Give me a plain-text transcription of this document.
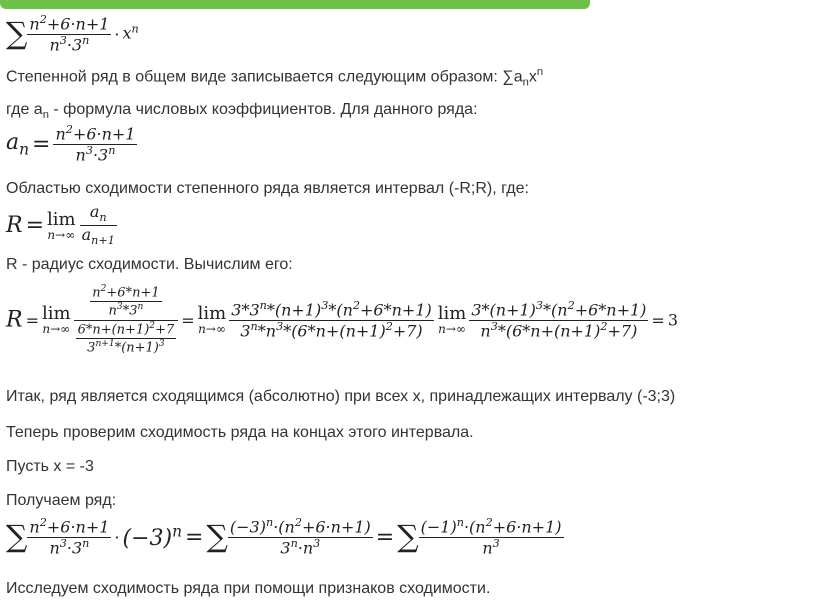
∑ $\frac{n^2+6\cdot n+1}{n^3\cdot 3^n} \cdot x^n$
Степенной ряд в общем виде записывается следующим образом: $\sum a_nx^n$
где $a_n$ - формула числовых коэффициентов. Для данного ряда:
$a_n = \frac{n^2+6\cdot n+1}{n^3\cdot 3^n}$
Областью сходимости степенного ряда является интервал (-R;R), где:
R = lim
$n\to\infty \frac{a_n}{a_{n+1}}$
R - радиус сходимости. Вычислим его:
R = lim
$n\to\infty \frac{\frac{n^2+6*n+1}{n^3*3^n}}{\frac{6*n+(n+1)^2+7}{3^{n+1}*(n+1)^3}} = \lim$
$n\to\infty \frac{3*3^n*(n+1)^3*(n^2+6*n+1)}{3^n*n^3*(6*n+(n+1)^2+7)}$ lim
$n\to\infty \frac{3*(n+1)^3*(n^2+6*n+1)}{n^3*(6*n+(n+1)^2+7)} = 3$
Итак, ряд является сходящимся (абсолютно) при всех x, принадлежащих интервалу (-3;3)
Теперь проверим сходимость ряда на концах этого интервала.
Пусть x = -3
Получаем ряд:
∑ $\frac{n^2+6\cdot n+1}{n^3\cdot 3^n} \cdot (-3)^n$ = ∑ $\frac{(-3)^n\cdot(n^2+6\cdot n+1)}{3^n\cdot n^3}$ = ∑ $\frac{(-1)^n\cdot(n^2+6\cdot n+1)}{n^3}$
Исследуем сходимость ряда при помощи признаков сходимости.
